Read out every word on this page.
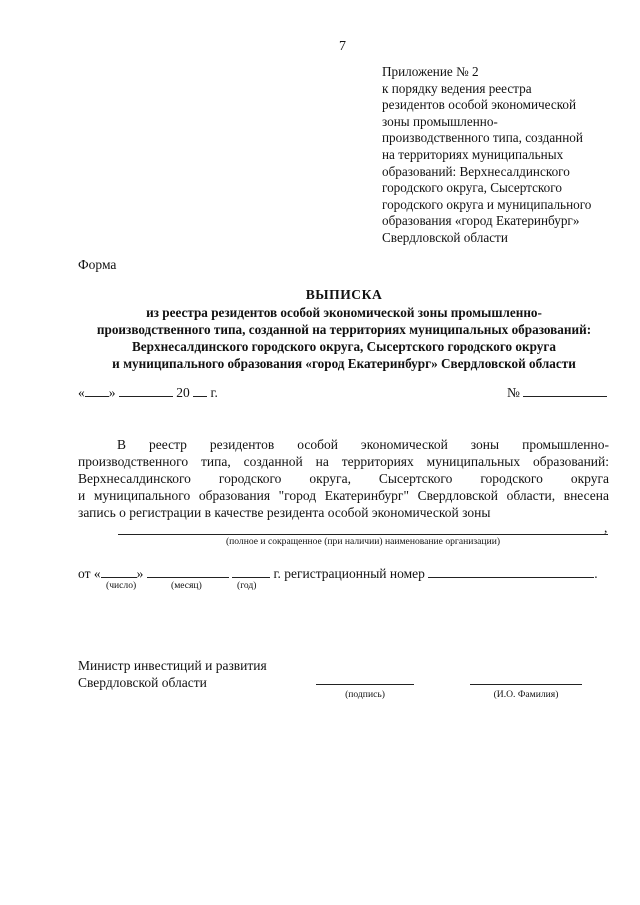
7
Приложение № 2
к порядку ведения реестра
резидентов особой экономической
зоны промышленно-
производственного типа, созданной
на территориях муниципальных
образований: Верхнесалдинского
городского округа, Сысертского
городского округа и муниципального
образования «город Екатеринбург»
Свердловской области
Форма
ВЫПИСКА
из реестра резидентов особой экономической зоны промышленно-
производственного типа, созданной на территориях муниципальных образований:
Верхнесалдинского городского округа, Сысертского городского округа
и муниципального образования «город Екатеринбург» Свердловской области
« »	20 г.	№
В реестр резидентов особой экономической зоны промышленно-
производственного типа, созданной на территориях муниципальных образований:
Верхнесалдинского городского округа, Сысертского городского округа
и муниципального образования "город Екатеринбург" Свердловской области, внесена
запись о регистрации в качестве резидента особой экономической зоны
,
(полное и сокращенное (при наличии) наименование организации)
от «	»	г. регистрационный номер	.
(число)	(месяц)	(год)
Министр инвестиций и развития
Свердловской области
(подпись)	(И.О. Фамилия)
